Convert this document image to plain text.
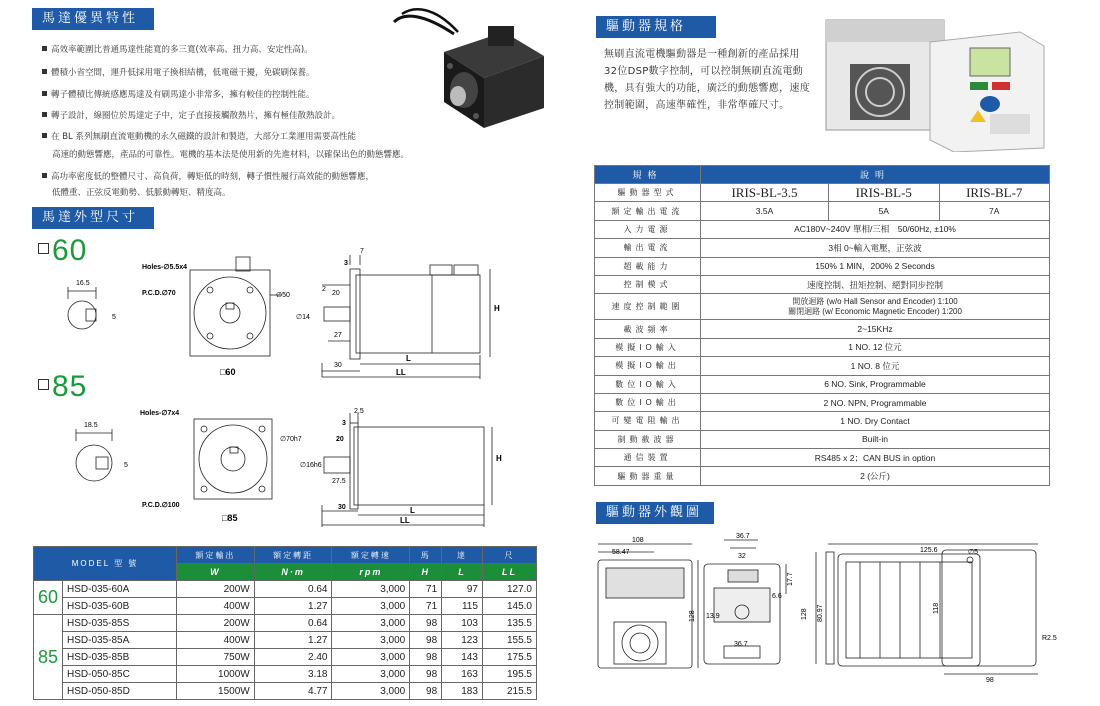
馬達優異特性
高效率範圍比普通馬達性能寬的多三寬(效率高、扭力高、安定性高)。
體積小省空間，運升低採用電子換相結構，低電磁干擾，免碳刷保養。
轉子體積比傳統感應馬達及有刷馬達小非常多，擁有較佳的控制性能。
轉子設計，線圈位於馬達定子中，定子直接接觸散熱片，擁有極佳散熱設計。
在 BL 系列無刷直流電動機的永久磁鐵的設計和製造，大部分工業運用需要高性能
高速的動態響應，產品的可靠性。電機的基本法是使用新的先進材料，以確保出色的動態響應。
高功率密度低的整體尺寸、高負荷，轉矩低的時刻，轉子慣性履行高效能的動態響應，
低體重、正弦反電動勢、低脈動轉矩、精度高。
馬達外型尺寸
60
85
16.5
5
Holes-∅5.5x4
P.C.D.∅70
□60
∅50
∅14
7
3
2
20
27
30
L
LL
H
18.5
5
Holes-∅7x4
P.C.D.∅100
□85
∅70h7
∅16h6
2.5
3
20
27.5
30	L
LL
H
MODEL 型 號		額定輸出	額定轉距	額定轉速	馬	達	尺
		W	N·m	rpm	H	L	LL
60	HSD-035-60A	200W	0.64	3,000	71	97	127.0
	HSD-035-60B	400W	1.27	3,000	71	115	145.0
85	HSD-035-85S	200W	0.64	3,000	98	103	135.5
	HSD-035-85A	400W	1.27	3,000	98	123	155.5
	HSD-035-85B	750W	2.40	3,000	98	143	175.5
	HSD-050-85C	1000W	3.18	3,000	98	163	195.5
	HSD-050-85D	1500W	4.77	3,000	98	183	215.5
驅動器規格
無刷直流電機驅動器是一種創新的產品採用32位DSP數字控制，可以控制無刷直流電動機，具有強大的功能，廣泛的動態響應，速度控制範圍，高速準確性，非常準確尺寸。
規格	說明		
驅動器型式	IRIS-BL-3.5	IRIS-BL-5	IRIS-BL-7
額定輸出電流	3.5A	5A	7A
入力電源	AC180V~240V 單相/三相　50/60Hz, ±10%		
輸出電流	3相 0~輸入電壓，正弦波		
超載能力	150% 1 MIN，200% 2 Seconds		
控制模式	速度控制、扭矩控制、絕對同步控制		
速度控制範圍	開放迴路 (w/o Hall Sensor and Encoder) 1:100
關閉迴路 (w/ Economic Magnetic Encoder) 1:200		
載波頻率	2~15KHz		
模擬IO輸入	1 NO. 12 位元		
模擬IO輸出	1 NO. 8 位元		
數位IO輸入	6 NO. Sink, Programmable		
數位IO輸出	2 NO. NPN, Programmable		
可變電阻輸出	1 NO. Dry Contact		
制動截波器	Built-in		
通信裝置	RS485 x 2；CAN BUS in option		
驅動器重量	2 (公斤)		
驅動器外觀圖
108
58.47
128
36.7
32
17.7
6.6
13.9
36.7
128 80.97
125.6	∅5
118
98
R2.5
